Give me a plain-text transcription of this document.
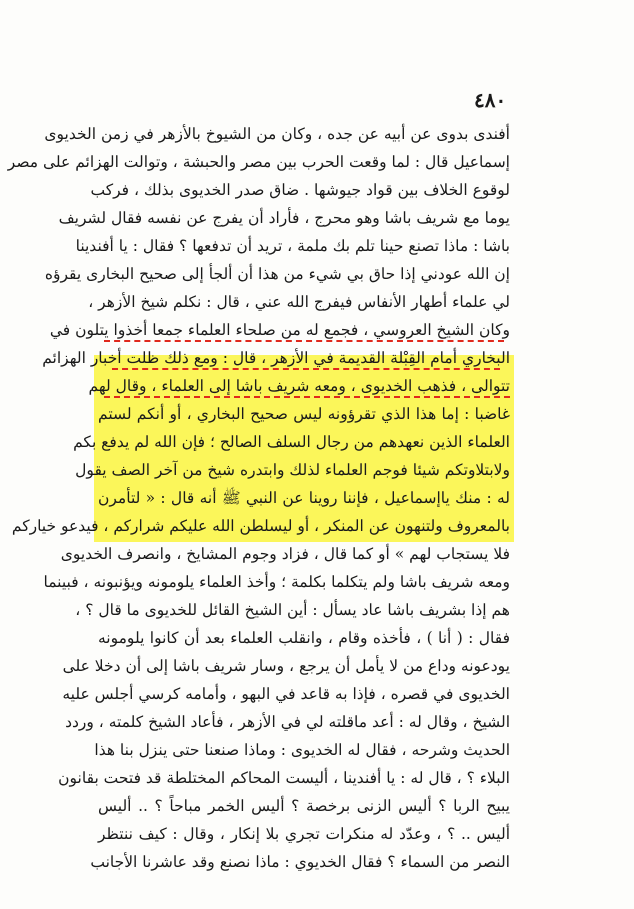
٤٨٠
أفندى بدوى عن أبيه عن جده ، وكان من الشيوخ بالأزهر في زمن الخديوى
إسماعيل قال : لما وقعت الحرب بين مصر والحبشة ، وتوالت الهزائم على مصر
لوقوع الخلاف بين قواد جيوشها . ضاق صدر الخديوى بذلك ، فركب
يوما مع شريف باشا وهو محرج ، فأراد أن يفرج عن نفسه فقال لشريف
باشا : ماذا تصنع حينا تلم بك ملمة ، تريد أن تدفعها ؟ فقال : يا أفندينا
إن الله عودني إذا حاق بي شيء من هذا أن ألجأ إلى صحيح البخارى يقرؤه
لي علماء أطهار الأنفاس فيفرج الله عني ، قال : نكلم شيخ الأزهر ،
وكان الشيخ العروسي ، فجمع له من صلحاء العلماء جمعا أخذوا يتلون في
البخاري أمام القِبْلة القديمة في الأزهر ، قال : ومع ذلك ظلت أخبار الهزائم
تتوالى ، فذهب الخديوى ، ومعه شريف باشا إلى العلماء ، وقال لهم
غاضبا : إما هذا الذي تقرؤونه ليس صحيح البخاري ، أو أنكم لستم
العلماء الذين نعهدهم من رجال السلف الصالح ؛ فإن الله لم يدفع بكم
ولابتلاوتكم شيئا فوجم العلماء لذلك وابتدره شيخ من آخر الصف يقول
له : منك ياإسماعيل ، فإننا روينا عن النبي ﷺ أنه قال : « لتأمرن
بالمعروف ولتنهون عن المنكر ، أو ليسلطن الله عليكم شراركم ، فيدعو خياركم
فلا يستجاب لهم » أو كما قال ، فزاد وجوم المشايخ ، وانصرف الخديوى
ومعه شريف باشا ولم يتكلما بكلمة ؛ وأخذ العلماء يلومونه ويؤنبونه ، فبينما
هم إذا بشريف باشا عاد يسأل : أين الشيخ القائل للخديوى ما قال ؟ ،
فقال : ( أنا ) ، فأخذه وقام ، وانقلب العلماء بعد أن كانوا يلومونه
يودعونه وداع من لا يأمل أن يرجع ، وسار شريف باشا إلى أن دخلا على
الخديوى في قصره ، فإذا به قاعد في البهو ، وأمامه كرسي أجلس عليه
الشيخ ، وقال له : أعد ماقلته لي في الأزهر ، فأعاد الشيخ كلمته ، وردد
الحديث وشرحه ، فقال له الخديوى : وماذا صنعنا حتى ينزل بنا هذا
البلاء ؟ ، قال له : يا أفندينا ، أليست المحاكم المختلطة قد فتحت بقانون
يبيح الربا ؟ أليس الزنى برخصة ؟ أليس الخمر مباحاً ؟ .. أليس
أليس .. ؟ ، وعدّد له منكرات تجري بلا إنكار ، وقال : كيف ننتظر
النصر من السماء ؟ فقال الخديوي : ماذا نصنع وقد عاشرنا الأجانب
